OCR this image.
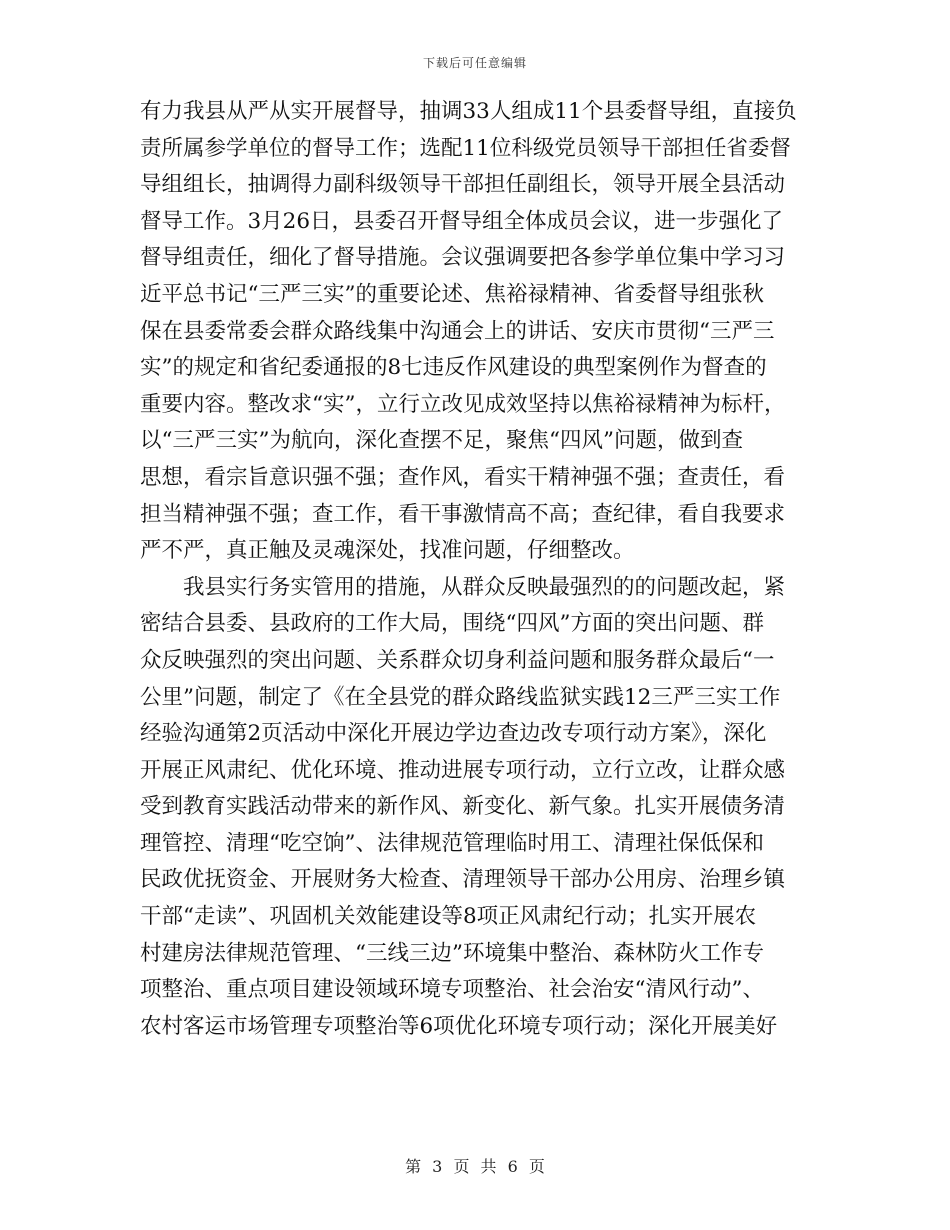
下载后可任意编辑
有力我县从严从实开展督导，抽调33人组成11个县委督导组，直接负
责所属参学单位的督导工作；选配11位科级党员领导干部担任省委督
导组组长，抽调得力副科级领导干部担任副组长，领导开展全县活动
督导工作。3月26日，县委召开督导组全体成员会议，进一步强化了
督导组责任，细化了督导措施。会议强调要把各参学单位集中学习习
近平总书记“三严三实”的重要论述、焦裕禄精神、省委督导组张秋
保在县委常委会群众路线集中沟通会上的讲话、安庆市贯彻“三严三
实”的规定和省纪委通报的8七违反作风建设的典型案例作为督查的
重要内容。整改求“实”，立行立改见成效坚持以焦裕禄精神为标杆，
以“三严三实”为航向，深化查摆不足，聚焦“四风”问题，做到查
思想，看宗旨意识强不强；查作风，看实干精神强不强；查责任，看
担当精神强不强；查工作，看干事激情高不高；查纪律，看自我要求
严不严，真正触及灵魂深处，找准问题，仔细整改。
　　我县实行务实管用的措施，从群众反映最强烈的的问题改起，紧
密结合县委、县政府的工作大局，围绕“四风”方面的突出问题、群
众反映强烈的突出问题、关系群众切身利益问题和服务群众最后“一
公里”问题，制定了《在全县党的群众路线监狱实践12三严三实工作
经验沟通第2页活动中深化开展边学边查边改专项行动方案》，深化
开展正风肃纪、优化环境、推动进展专项行动，立行立改，让群众感
受到教育实践活动带来的新作风、新变化、新气象。扎实开展债务清
理管控、清理“吃空饷”、法律规范管理临时用工、清理社保低保和
民政优抚资金、开展财务大检查、清理领导干部办公用房、治理乡镇
干部“走读”、巩固机关效能建设等8项正风肃纪行动；扎实开展农
村建房法律规范管理、“三线三边”环境集中整治、森林防火工作专
项整治、重点项目建设领域环境专项整治、社会治安“清风行动”、
农村客运市场管理专项整治等6项优化环境专项行动；深化开展美好
第 3 页 共 6 页
